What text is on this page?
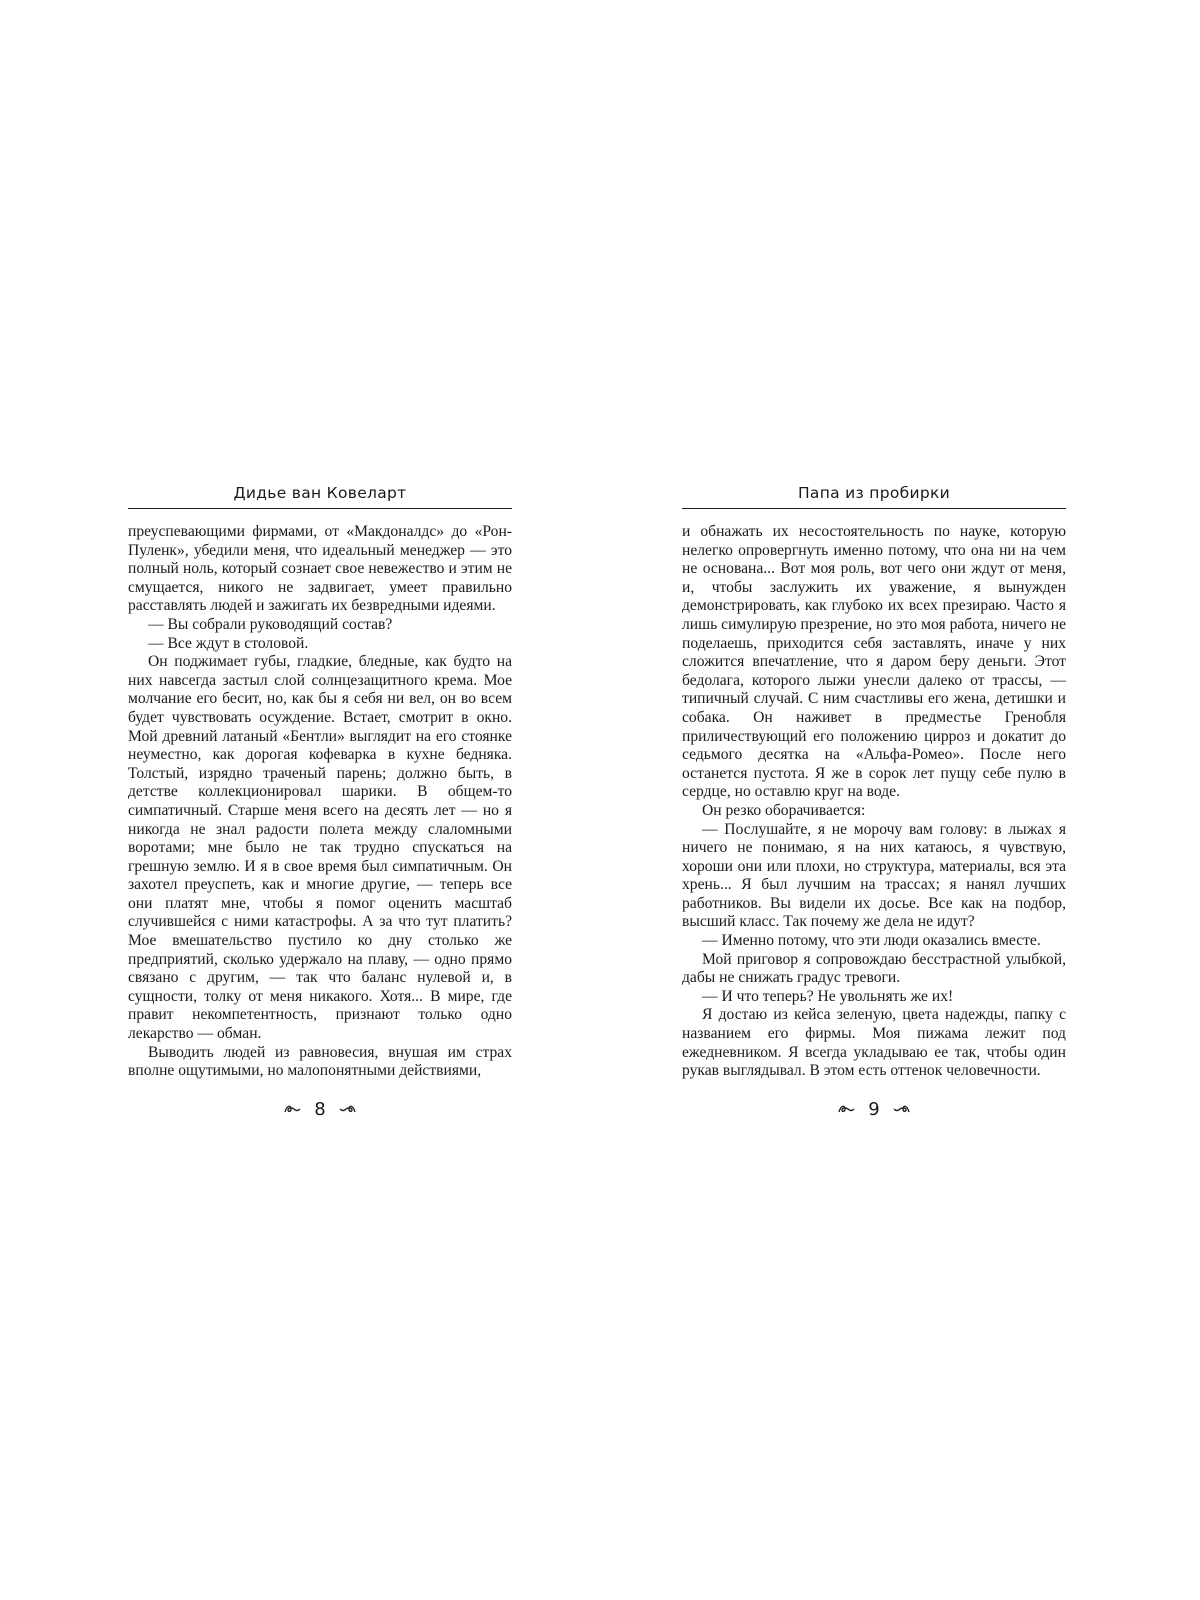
Дидье ван Ковеларт

преуспевающими фирмами, от «Макдоналдс» до «Рон-Пуленк», убедили меня, что идеальный менеджер — это полный ноль, который сознает свое невежество и этим не смущается, никого не задвигает, умеет правильно расставлять людей и зажигать их безвредными идеями.

— Вы собрали руководящий состав?

— Все ждут в столовой.

Он поджимает губы, гладкие, бледные, как будто на них навсегда застыл слой солнцезащитного крема. Мое молчание его бесит, но, как бы я себя ни вел, он во всем будет чувствовать осуждение. Встает, смотрит в окно. Мой древний латаный «Бентли» выглядит на его стоянке неуместно, как дорогая кофеварка в кухне бедняка. Толстый, изрядно траченый парень; должно быть, в детстве коллекционировал шарики. В общем-то симпатичный. Старше меня всего на десять лет — но я никогда не знал радости полета между слаломными воротами; мне было не так трудно спускаться на грешную землю. И я в свое время был симпатичным. Он захотел преуспеть, как и многие другие, — теперь все они платят мне, чтобы я помог оценить масштаб случившейся с ними катастрофы. А за что тут платить? Мое вмешательство пустило ко дну столько же предприятий, сколько удержало на плаву, — одно прямо связано с другим, — так что баланс нулевой и, в сущности, толку от меня никакого. Хотя... В мире, где правит некомпетентность, признают только одно лекарство — обман.

Выводить людей из равновесия, внушая им страх вполне ощутимыми, но малопонятными действиями,

8
Папа из пробирки

и обнажать их несостоятельность по науке, которую нелегко опровергнуть именно потому, что она ни на чем не основана... Вот моя роль, вот чего они ждут от меня, и, чтобы заслужить их уважение, я вынужден демонстрировать, как глубоко их всех презираю. Часто я лишь симулирую презрение, но это моя работа, ничего не поделаешь, приходится себя заставлять, иначе у них сложится впечатление, что я даром беру деньги. Этот бедолага, которого лыжи унесли далеко от трассы, — типичный случай. С ним счастливы его жена, детишки и собака. Он наживет в предместье Гренобля приличествующий его положению цирроз и докатит до седьмого десятка на «Альфа-Ромео». После него останется пустота. Я же в сорок лет пущу себе пулю в сердце, но оставлю круг на воде.

Он резко оборачивается:

— Послушайте, я не морочу вам голову: в лыжах я ничего не понимаю, я на них катаюсь, я чувствую, хороши они или плохи, но структура, материалы, вся эта хрень... Я был лучшим на трассах; я нанял лучших работников. Вы видели их досье. Все как на подбор, высший класс. Так почему же дела не идут?

— Именно потому, что эти люди оказались вместе.

Мой приговор я сопровождаю бесстрастной улыбкой, дабы не снижать градус тревоги.

— И что теперь? Не увольнять же их!

Я достаю из кейса зеленую, цвета надежды, папку с названием его фирмы. Моя пижама лежит под ежедневником. Я всегда укладываю ее так, чтобы один рукав выглядывал. В этом есть оттенок человечности.

9
